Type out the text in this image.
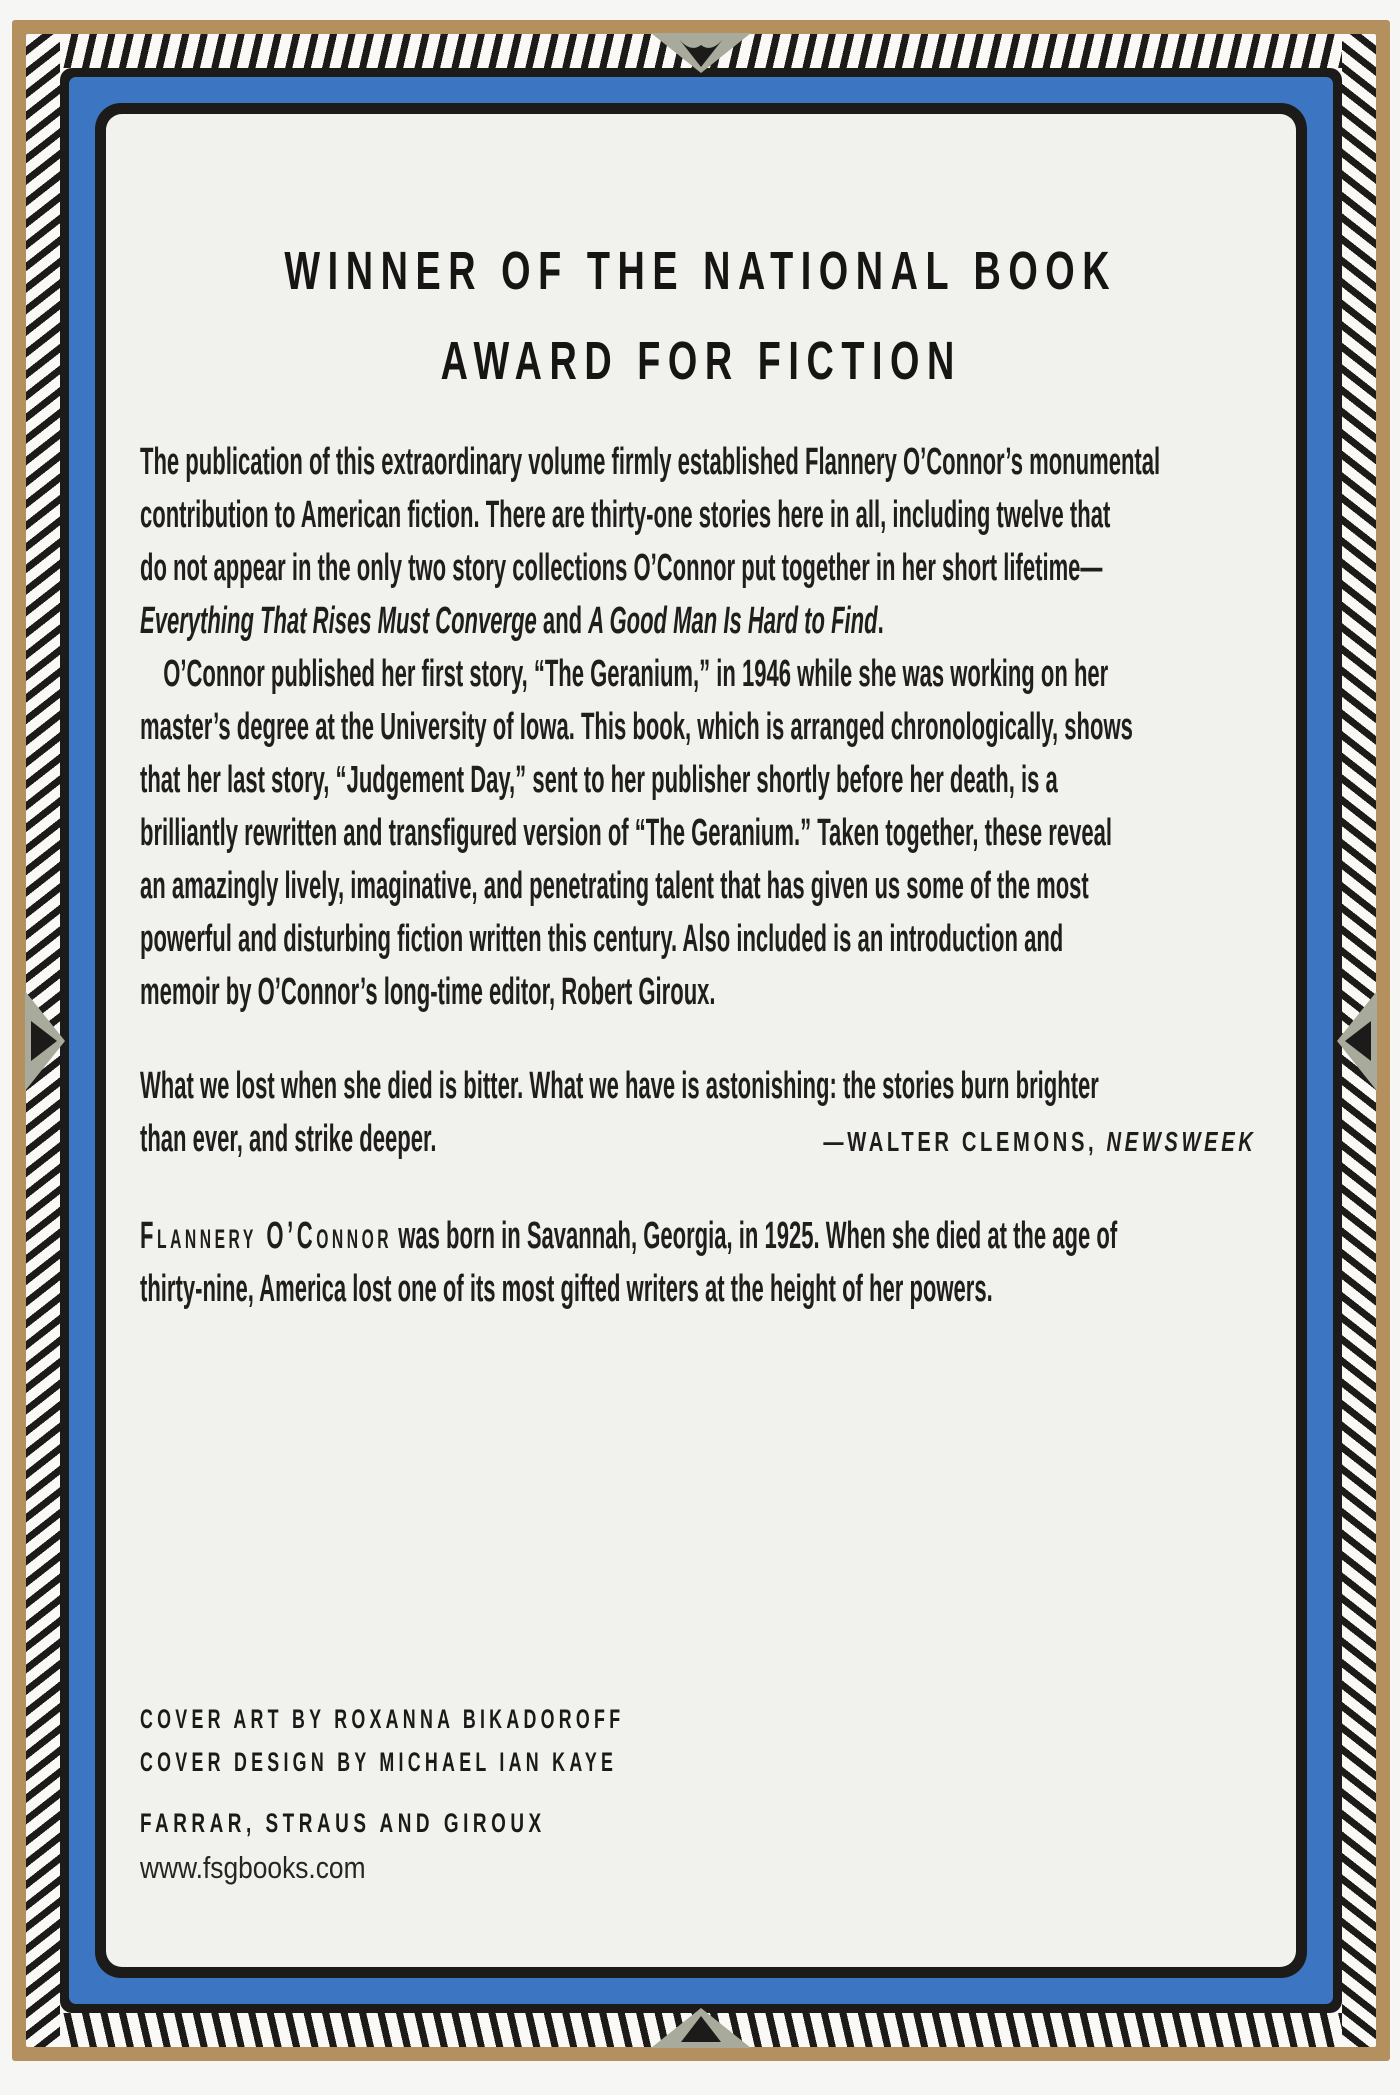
WINNER OF THE NATIONAL BOOK
AWARD FOR FICTION
The publication of this extraordinary volume firmly established Flannery O’Connor’s monumental
contribution to American fiction. There are thirty-one stories here in all, including twelve that
do not appear in the only two story collections O’Connor put together in her short lifetime—
Everything That Rises Must Converge and A Good Man Is Hard to Find.
O’Connor published her first story, “The Geranium,” in 1946 while she was working on her
master’s degree at the University of Iowa. This book, which is arranged chronologically, shows
that her last story, “Judgement Day,” sent to her publisher shortly before her death, is a
brilliantly rewritten and transfigured version of “The Geranium.” Taken together, these reveal
an amazingly lively, imaginative, and penetrating talent that has given us some of the most
powerful and disturbing fiction written this century. Also included is an introduction and
memoir by O’Connor’s long-time editor, Robert Giroux.
What we lost when she died is bitter. What we have is astonishing: the stories burn brighter
than ever, and strike deeper.	—WALTER CLEMONS, NEWSWEEK
Flannery O’Connor was born in Savannah, Georgia, in 1925. When she died at the age of
thirty-nine, America lost one of its most gifted writers at the height of her powers.
COVER ART BY ROXANNA BIKADOROFF
COVER DESIGN BY MICHAEL IAN KAYE
FARRAR, STRAUS AND GIROUX
www.fsgbooks.com
